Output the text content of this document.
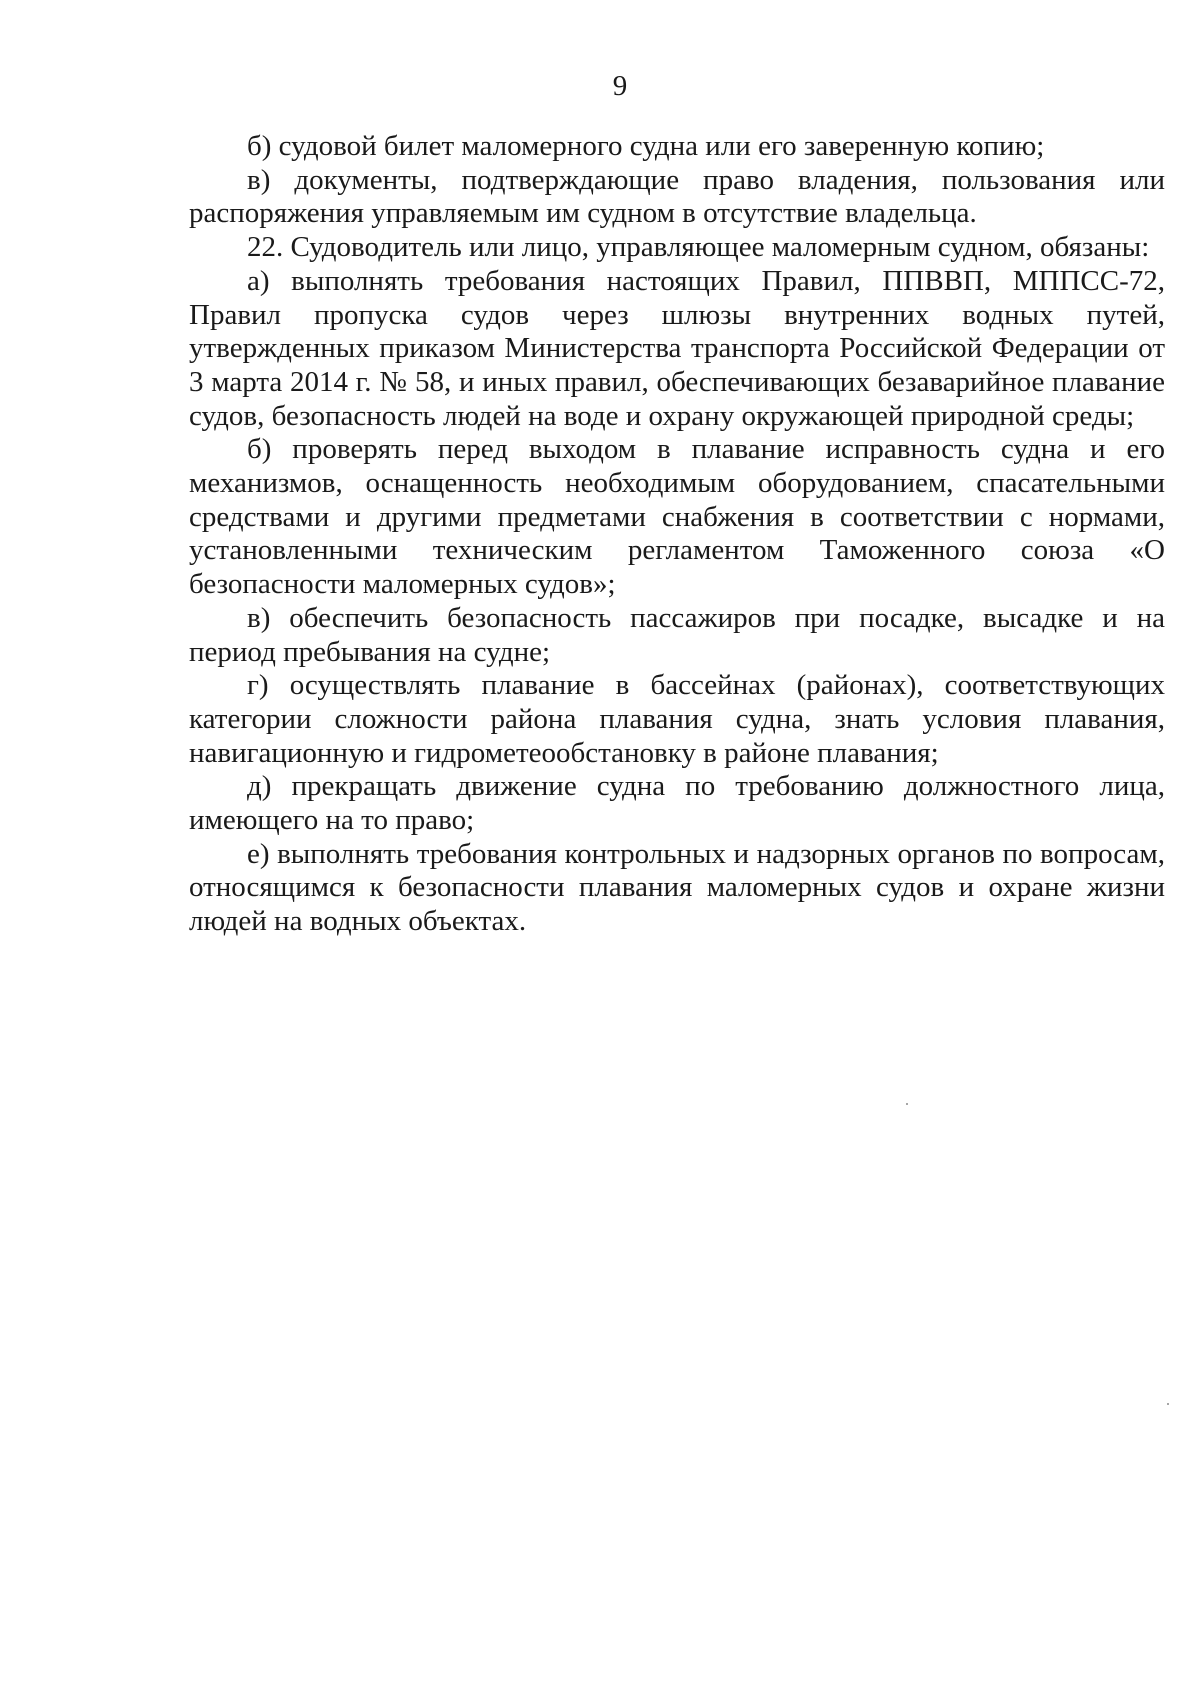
9

б) судовой билет маломерного судна или его заверенную копию;

в) документы, подтверждающие право владения, пользования или распоряжения управляемым им судном в отсутствие владельца.

22. Судоводитель или лицо, управляющее маломерным судном, обязаны:

а) выполнять требования настоящих Правил, ППВВП, МППСС-72, Правил пропуска судов через шлюзы внутренних водных путей, утвержденных приказом Министерства транспорта Российской Федерации от 3 марта 2014 г. № 58, и иных правил, обеспечивающих безаварийное плавание судов, безопасность людей на воде и охрану окружающей природной среды;

б) проверять перед выходом в плавание исправность судна и его механизмов, оснащенность необходимым оборудованием, спасательными средствами и другими предметами снабжения в соответствии с нормами, установленными техническим регламентом Таможенного союза «О безопасности маломерных судов»;

в) обеспечить безопасность пассажиров при посадке, высадке и на период пребывания на судне;

г) осуществлять плавание в бассейнах (районах), соответствующих категории сложности района плавания судна, знать условия плавания, навигационную и гидрометеообстановку в районе плавания;

д) прекращать движение судна по требованию должностного лица, имеющего на то право;

е) выполнять требования контрольных и надзорных органов по вопросам, относящимся к безопасности плавания маломерных судов и охране жизни людей на водных объектах.
